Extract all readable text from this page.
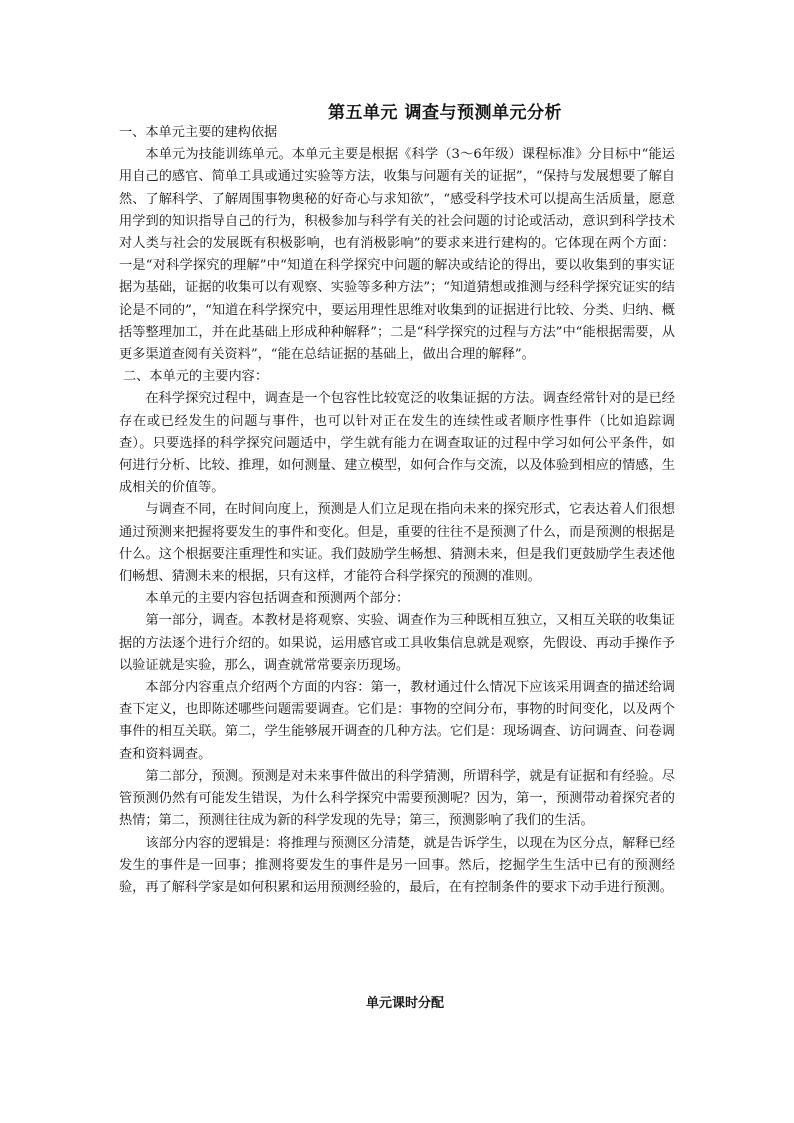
第五单元 调查与预测单元分析

一、本单元主要的建构依据

本单元为技能训练单元。本单元主要是根据《科学（3～6年级）课程标准》分目标中“能运用自己的感官、简单工具或通过实验等方法，收集与问题有关的证据”，“保持与发展想要了解自然、了解科学、了解周围事物奥秘的好奇心与求知欲”，“感受科学技术可以提高生活质量，愿意用学到的知识指导自己的行为，积极参加与科学有关的社会问题的讨论或活动，意识到科学技术对人类与社会的发展既有积极影响，也有消极影响”的要求来进行建构的。它体现在两个方面：一是“对科学探究的理解”中“知道在科学探究中问题的解决或结论的得出，要以收集到的事实证据为基础，证据的收集可以有观察、实验等多种方法”；“知道猜想或推测与经科学探究证实的结论是不同的”，“知道在科学探究中，要运用理性思维对收集到的证据进行比较、分类、归纳、概括等整理加工，并在此基础上形成种种解释”；二是“科学探究的过程与方法”中“能根据需要，从更多渠道查阅有关资料”，“能在总结证据的基础上，做出合理的解释”。

二、本单元的主要内容：

在科学探究过程中，调查是一个包容性比较宽泛的收集证据的方法。调查经常针对的是已经存在或已经发生的问题与事件，也可以针对正在发生的连续性或者顺序性事件（比如追踪调查）。只要选择的科学探究问题适中，学生就有能力在调查取证的过程中学习如何公平条件，如何进行分析、比较、推理，如何测量、建立模型，如何合作与交流，以及体验到相应的情感，生成相关的价值等。

与调查不同，在时间向度上，预测是人们立足现在指向未来的探究形式，它表达着人们很想通过预测来把握将要发生的事件和变化。但是，重要的往往不是预测了什么，而是预测的根据是什么。这个根据要注重理性和实证。我们鼓励学生畅想、猜测未来，但是我们更鼓励学生表述他们畅想、猜测未来的根据，只有这样，才能符合科学探究的预测的准则。

本单元的主要内容包括调查和预测两个部分：

第一部分，调查。本教材是将观察、实验、调查作为三种既相互独立，又相互关联的收集证据的方法逐个进行介绍的。如果说，运用感官或工具收集信息就是观察，先假设、再动手操作予以验证就是实验，那么，调查就常常要亲历现场。

本部分内容重点介绍两个方面的内容：第一，教材通过什么情况下应该采用调查的描述给调查下定义，也即陈述哪些问题需要调查。它们是：事物的空间分布，事物的时间变化，以及两个事件的相互关联。第二，学生能够展开调查的几种方法。它们是：现场调查、访问调查、问卷调查和资料调查。

第二部分，预测。预测是对未来事件做出的科学猜测，所谓科学，就是有证据和有经验。尽管预测仍然有可能发生错误，为什么科学探究中需要预测呢？因为，第一，预测带动着探究者的热情；第二，预测往往成为新的科学发现的先导；第三，预测影响了我们的生活。

该部分内容的逻辑是：将推理与预测区分清楚，就是告诉学生，以现在为区分点，解释已经发生的事件是一回事；推测将要发生的事件是另一回事。然后，挖掘学生生活中已有的预测经验，再了解科学家是如何积累和运用预测经验的，最后，在有控制条件的要求下动手进行预测。

单元课时分配
